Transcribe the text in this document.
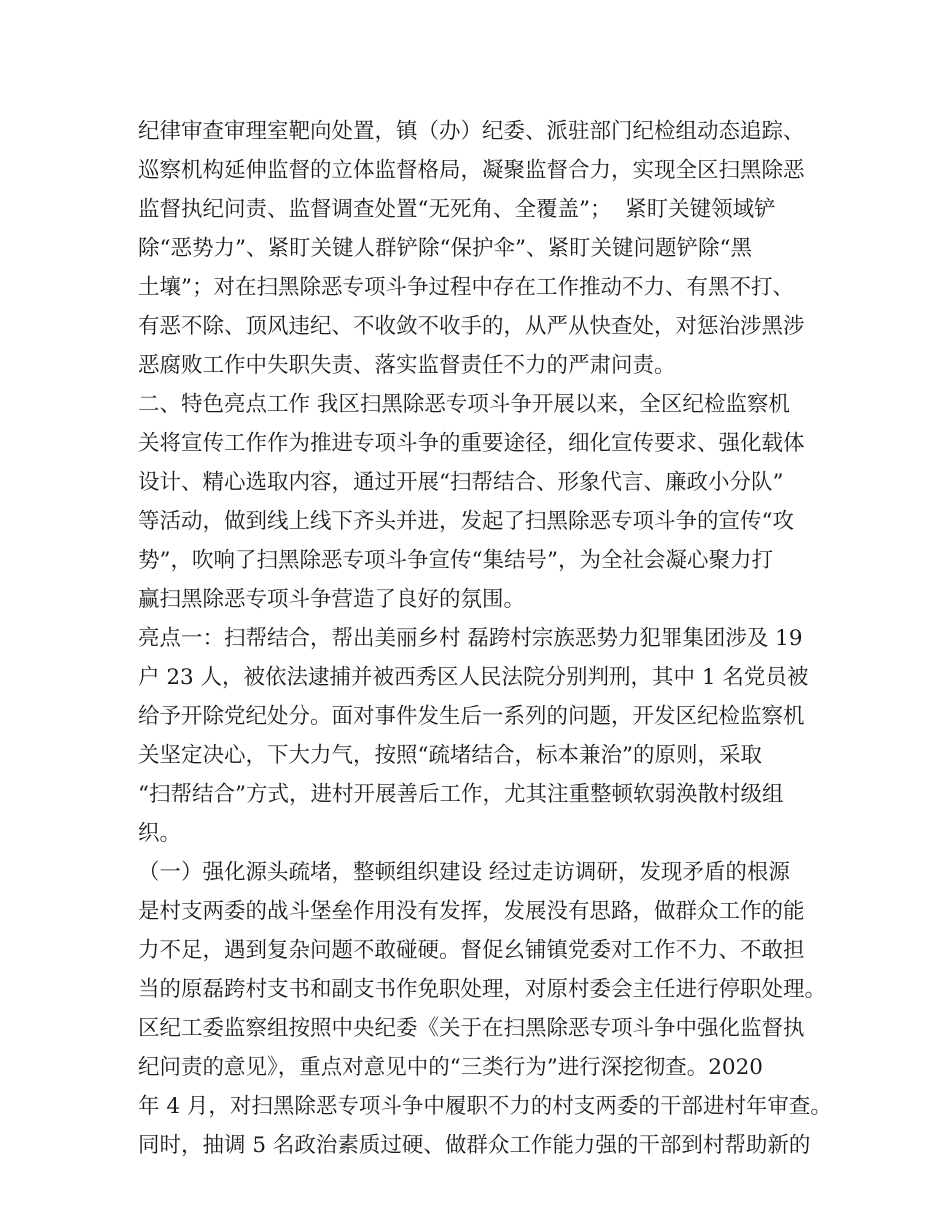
纪律审查审理室靶向处置，镇（办）纪委、派驻部门纪检组动态追踪、
巡察机构延伸监督的立体监督格局，凝聚监督合力，实现全区扫黑除恶
监督执纪问责、监督调查处置“无死角、全覆盖”；  紧盯关键领域铲
除“恶势力”、紧盯关键人群铲除“保护伞”、紧盯关键问题铲除“黑
土壤”；对在扫黑除恶专项斗争过程中存在工作推动不力、有黑不打、
有恶不除、顶风违纪、不收敛不收手的，从严从快查处，对惩治涉黑涉
恶腐败工作中失职失责、落实监督责任不力的严肃问责。
二、特色亮点工作 我区扫黑除恶专项斗争开展以来，全区纪检监察机
关将宣传工作作为推进专项斗争的重要途径，细化宣传要求、强化载体
设计、精心选取内容，通过开展“扫帮结合、形象代言、廉政小分队”
等活动，做到线上线下齐头并进，发起了扫黑除恶专项斗争的宣传“攻
势”，吹响了扫黑除恶专项斗争宣传“集结号”，为全社会凝心聚力打
赢扫黑除恶专项斗争营造了良好的氛围。
亮点一：扫帮结合，帮出美丽乡村 磊跨村宗族恶势力犯罪集团涉及 19
户 23 人，被依法逮捕并被西秀区人民法院分别判刑，其中 1 名党员被
给予开除党纪处分。面对事件发生后一系列的问题，开发区纪检监察机
关坚定决心，下大力气，按照“疏堵结合，标本兼治”的原则，采取
“扫帮结合”方式，进村开展善后工作，尤其注重整顿软弱涣散村级组
织。
（一）强化源头疏堵，整顿组织建设 经过走访调研，发现矛盾的根源
是村支两委的战斗堡垒作用没有发挥，发展没有思路，做群众工作的能
力不足，遇到复杂问题不敢碰硬。督促幺铺镇党委对工作不力、不敢担
当的原磊跨村支书和副支书作免职处理，对原村委会主任进行停职处理。
区纪工委监察组按照中央纪委《关于在扫黑除恶专项斗争中强化监督执
纪问责的意见》，重点对意见中的“三类行为”进行深挖彻查。2020
年 4 月，对扫黑除恶专项斗争中履职不力的村支两委的干部进村年审查。
同时，抽调 5 名政治素质过硬、做群众工作能力强的干部到村帮助新的
